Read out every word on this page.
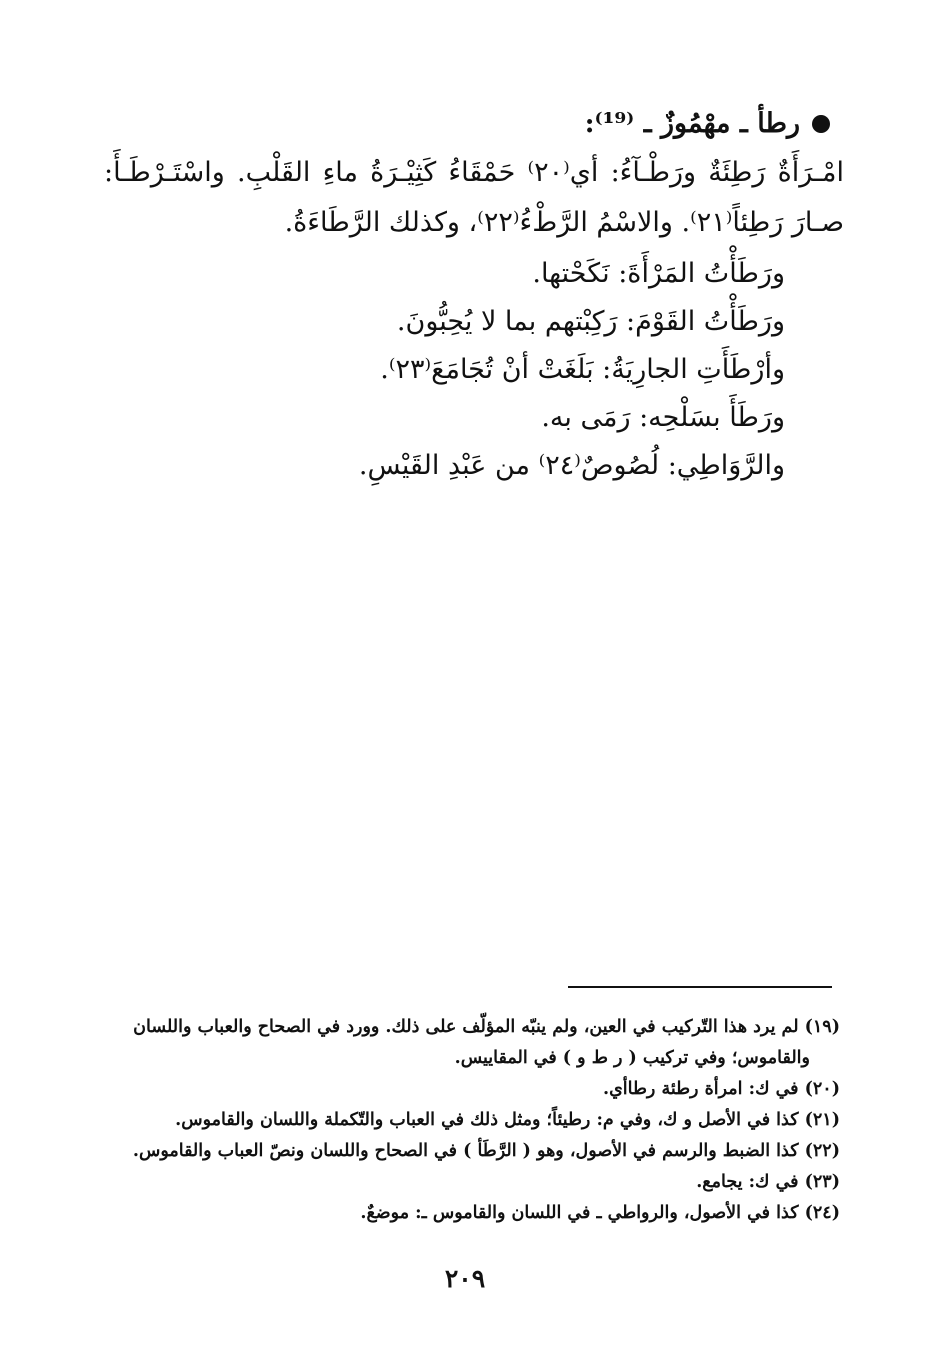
رطأ ـ مهْمُوزٌ ـ ⁽¹⁹⁾:
امْـرَأَةٌ رَطِئَةٌ ورَطْـآءُ: أي⁽٢٠⁾ حَمْقَاءُ كَثِيْـرَةُ ماءِ القَلْبِ. واسْتَـرْطَـأَ: صـارَ رَطِئاً⁽٢١⁾. والاسْمُ الرَّطْءُ⁽٢٢⁾، وكذلك الرَّطَاءَةُ.
ورَطَأْتُ المَرْأَةَ: نَكَحْتها.
ورَطَأْتُ القَوْمَ: رَكِبْتهم بما لا يُحِبُّونَ.
وأرْطَأَتِ الجارِيَةُ: بَلَغَتْ أنْ تُجَامَعَ⁽٢٣⁾.
ورَطَأَ بسَلْحِه: رَمَى به.
والرَّوَاطِي: لُصُوصٌ⁽٢٤⁾ من عَبْدِ القَيْسِ.
(١٩) لم يرد هذا التّركيب في العين، ولم ينبّه المؤلّف على ذلك. وورد في الصحاح والعباب واللسان
والقاموس؛ وفي تركيب ( ر ط و ) في المقاييس.
(٢٠) في ك: امرأة رطئة رطاأي.
(٢١) كذا في الأصل و ك، وفي م: رطيئاً؛ ومثل ذلك في العباب والتّكملة واللسان والقاموس.
(٢٢) كذا الضبط والرسم في الأصول، وهو ( الرَّطَأ ) في الصحاح واللسان ونصّ العباب والقاموس.
(٢٣) في ك: يجامع.
(٢٤) كذا في الأصول، والرواطي ـ في اللسان والقاموس ـ: موضعٌ.
٢٠٩
